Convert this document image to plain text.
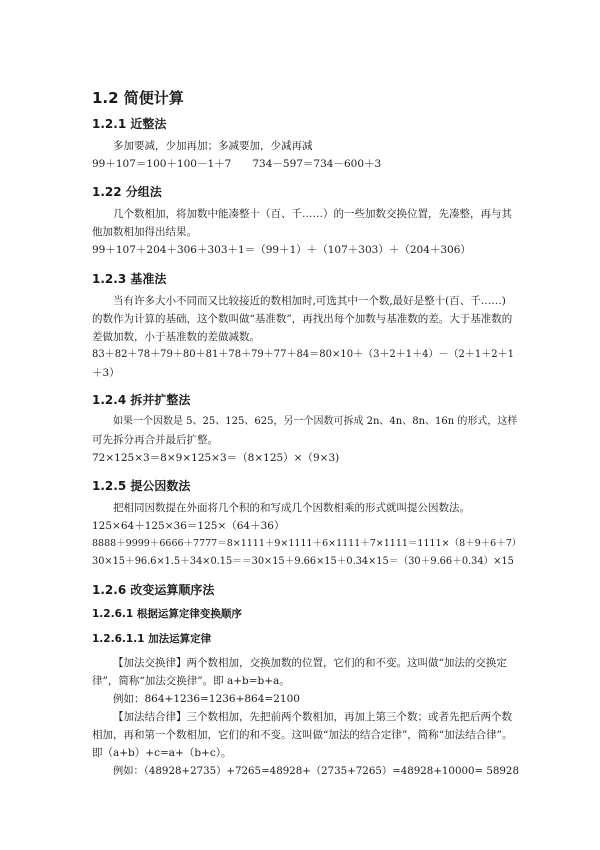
1.2 简便计算
1.2.1 近整法
多加要减，少加再加；多减要加，少减再减
99＋107＝100＋100－1＋7　　734－597＝734－600＋3
1.22 分组法
几个数相加，将加数中能凑整十（百、千……）的一些加数交换位置，先凑整，再与其
他加数相加得出结果。
99＋107＋204＋306＋303＋1＝（99＋1）＋（107＋303）＋（204＋306）
1.2.3 基准法
当有许多大小不同而又比较接近的数相加时,可选其中一个数,最好是整十(百、千……)
的数作为计算的基础，这个数叫做“基准数”，再找出每个加数与基准数的差。大于基准数的
差做加数，小于基准数的差做减数。
83＋82＋78＋79＋80＋81＋78＋79＋77＋84＝80×10＋（3＋2＋1＋4）－（2＋1＋2＋1
＋3）
1.2.4 拆并扩整法
如果一个因数是 5、25、125、625，另一个因数可拆成 2n、4n、8n、16n 的形式，这样
可先拆分再合并最后扩整。
72×125×3＝8×9×125×3＝（8×125）×（9×3)
1.2.5 提公因数法
把相同因数提在外面将几个积的和写成几个因数相乘的形式就叫提公因数法。
125×64＋125×36＝125×（64＋36）
8888＋9999＋6666＋7777＝8×1111＋9×1111＋6×1111＋7×1111＝1111×（8＋9＋6＋7）
30×15＋96.6×1.5＋34×0.15＝＝30×15＋9.66×15＋0.34×15＝（30＋9.66＋0.34）×15
1.2.6 改变运算顺序法
1.2.6.1 根据运算定律变换顺序
1.2.6.1.1 加法运算定律
【加法交换律】两个数相加，交换加数的位置，它们的和不变。这叫做“加法的交换定
律”，简称“加法交换律”。即 a+b=b+a。
例如：864+1236=1236+864=2100
【加法结合律】三个数相加，先把前两个数相加，再加上第三个数；或者先把后两个数
相加，再和第一个数相加，它们的和不变。这叫做“加法的结合定律”，简称“加法结合律”。
即（a+b）+c=a+（b+c）。
例如：（48928+2735）+7265=48928+（2735+7265）=48928+10000= 58928
